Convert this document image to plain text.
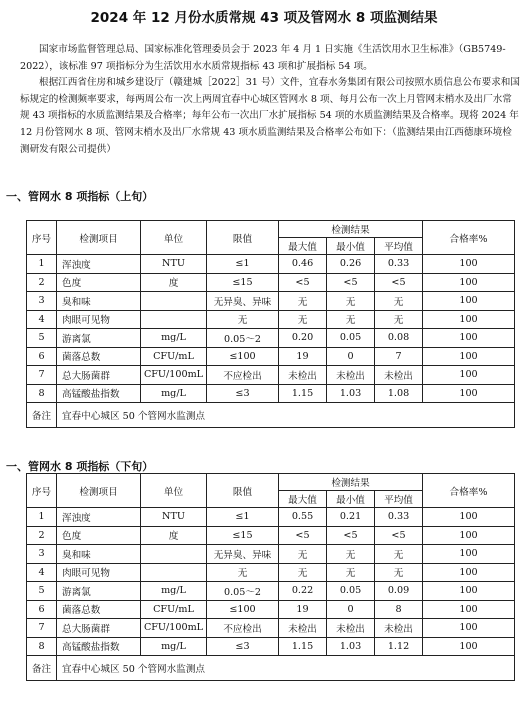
2024 年 12 月份水质常规 43 项及管网水 8 项监测结果

国家市场监督管理总局、国家标准化管理委员会于 2023 年 4 月 1 日实施《生活饮用水卫生标准》（GB5749-2022），该标准 97 项指标分为生活饮用水水质常规指标 43 项和扩展指标 54 项。

根据江西省住房和城乡建设厅（赣建城［2022］31 号）文件，宜春水务集团有限公司按照水质信息公布要求和国标规定的检测频率要求，每两周公布一次上两周宜春中心城区管网水 8 项、每月公布一次上月管网末梢水及出厂水常规 43 项指标的水质监测结果及合格率；每年公布一次出厂水扩展指标 54 项的水质监测结果及合格率。现将 2024 年 12 月份管网水 8 项、管网末梢水及出厂水常规 43 项水质监测结果及合格率公布如下：（监测结果由江西德康环境检测研发有限公司提供）

一、管网水 8 项指标（上旬）
序号	检测项目	单位	限值	检测结果			合格率%
				最大值	最小值	平均值	
1	浑浊度	NTU	≤1	0.46	0.26	0.33	100
2	色度	度	≤15	<5	<5	<5	100
3	臭和味		无异臭、异味	无	无	无	100
4	肉眼可见物		无	无	无	无	100
5	游离氯	mg/L	0.05～2	0.20	0.05	0.08	100
6	菌落总数	CFU/mL	≤100	19	0	7	100
7	总大肠菌群	CFU/100mL	不应检出	未检出	未检出	未检出	100
8	高锰酸盐指数	mg/L	≤3	1.15	1.03	1.08	100
备注	宜春中心城区 50 个管网水监测点						
一、管网水 8 项指标（下旬）
序号	检测项目	单位	限值	检测结果			合格率%
				最大值	最小值	平均值	
1	浑浊度	NTU	≤1	0.55	0.21	0.33	100
2	色度	度	≤15	<5	<5	<5	100
3	臭和味		无异臭、异味	无	无	无	100
4	肉眼可见物		无	无	无	无	100
5	游离氯	mg/L	0.05～2	0.22	0.05	0.09	100
6	菌落总数	CFU/mL	≤100	19	0	8	100
7	总大肠菌群	CFU/100mL	不应检出	未检出	未检出	未检出	100
8	高锰酸盐指数	mg/L	≤3	1.15	1.03	1.12	100
备注	宜春中心城区 50 个管网水监测点						
